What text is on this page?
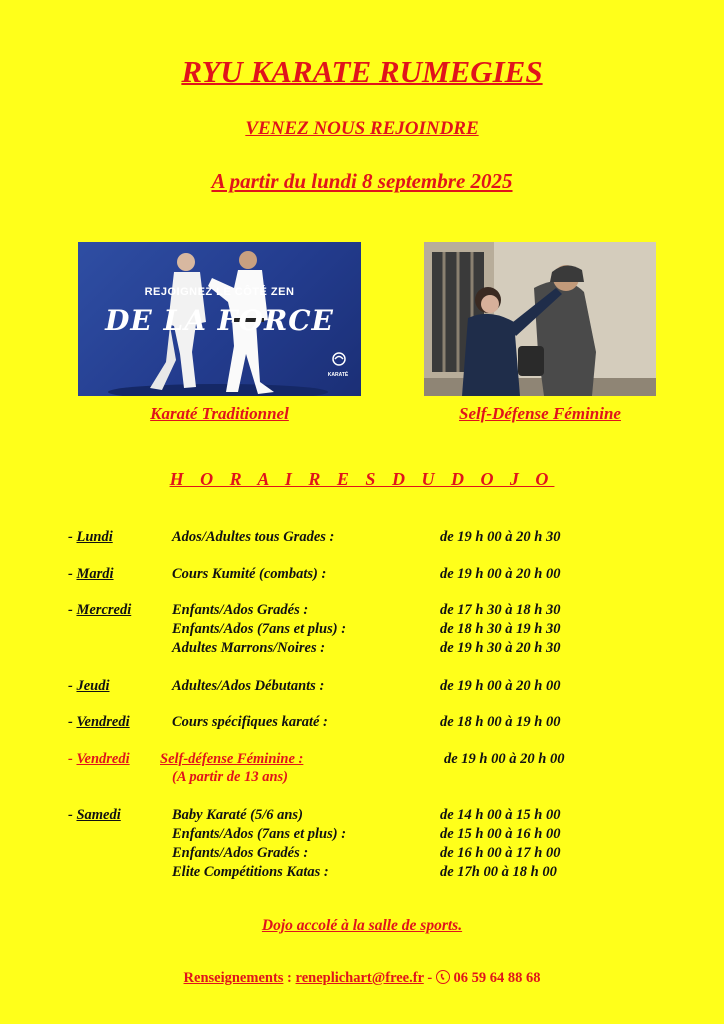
RYU KARATE RUMEGIES
VENEZ NOUS REJOINDRE
A partir du lundi 8 septembre 2025
REJOIGNEZ LE CÔTÉ ZEN
DE LA FORCE
KARATÉ
Karaté Traditionnel	Self-Défense Féminine
H O R A I R E S D U D O J O
- Lundi	Ados/Adultes tous Grades :	de 19 h 00 à 20 h 30
- Mardi	Cours Kumité (combats) :	de 19 h 00 à 20 h 00
- Mercredi	Enfants/Ados Gradés :	de 17 h 30 à 18 h 30
Enfants/Ados (7ans et plus) :	de 18 h 30 à 19 h 30
Adultes Marrons/Noires :	de 19 h 30 à 20 h 30
- Jeudi	Adultes/Ados Débutants :	de 19 h 00 à 20 h 00
- Vendredi	Cours spécifiques karaté :	de 18 h 00 à 19 h 00
- Vendredi Self-défense Féminine :	de 19 h 00 à 20 h 00
(A partir de 13 ans)
- Samedi	Baby Karaté (5/6 ans)	de 14 h 00 à 15 h 00
Enfants/Ados (7ans et plus) :	de 15 h 00 à 16 h 00
Enfants/Ados Gradés :	de 16 h 00 à 17 h 00
Elite Compétitions Katas :	de 17h 00 à 18 h 00
Dojo accolé à la salle de sports.
Renseignements : reneplichart@free.fr -
06 59 64 88 68
